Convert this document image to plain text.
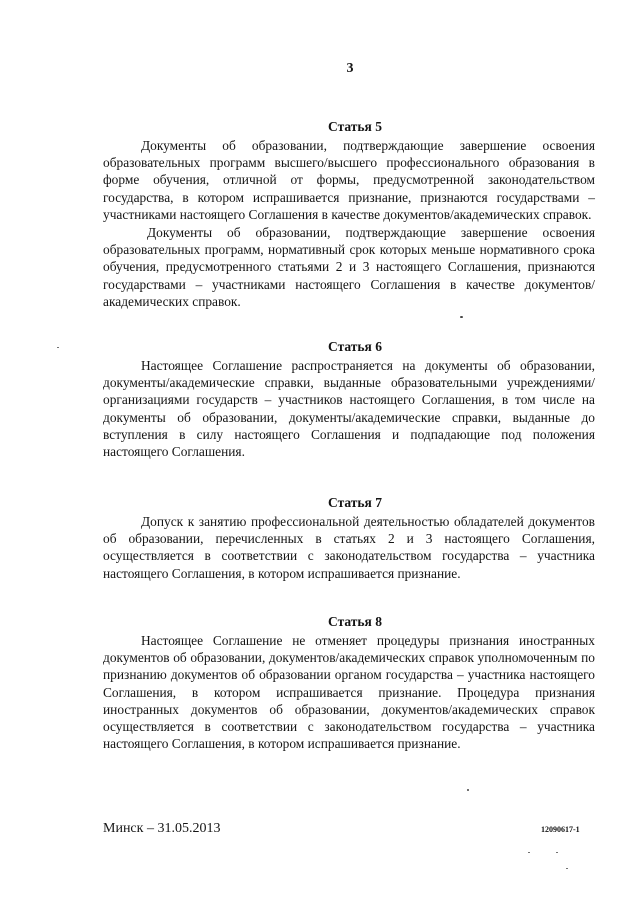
3
Статья 5

Документы об образовании, подтверждающие завершение освоения образовательных программ высшего/высшего профессионального образования в форме обучения, отличной от формы, предусмотренной законодательством государства, в котором испрашивается признание, признаются государствами – участниками настоящего Соглашения в качестве документов/академических справок.

Документы об образовании, подтверждающие завершение освоения образовательных программ, нормативный срок которых меньше нормативного срока обучения, предусмотренного статьями 2 и 3 настоящего Соглашения, признаются государствами – участниками настоящего Соглашения в качестве документов/академических справок.

Статья 6

Настоящее Соглашение распространяется на документы об образовании, документы/академические справки, выданные образовательными учреждениями/организациями государств – участников настоящего Соглашения, в том числе на документы об образовании, документы/академические справки, выданные до вступления в силу настоящего Соглашения и подпадающие под положения настоящего Соглашения.

Статья 7

Допуск к занятию профессиональной деятельностью обладателей документов об образовании, перечисленных в статьях 2 и 3 настоящего Соглашения, осуществляется в соответствии с законодательством государства – участника настоящего Соглашения, в котором испрашивается признание.

Статья 8

Настоящее Соглашение не отменяет процедуры признания иностранных документов об образовании, документов/академических справок уполномоченным по признанию документов об образовании органом государства – участника настоящего Соглашения, в котором испрашивается признание. Процедура признания иностранных документов об образовании, документов/академических справок осуществляется в соответствии с законодательством государства – участника настоящего Соглашения, в котором испрашивается признание.

Минск – 31.05.2013	12090617-1
